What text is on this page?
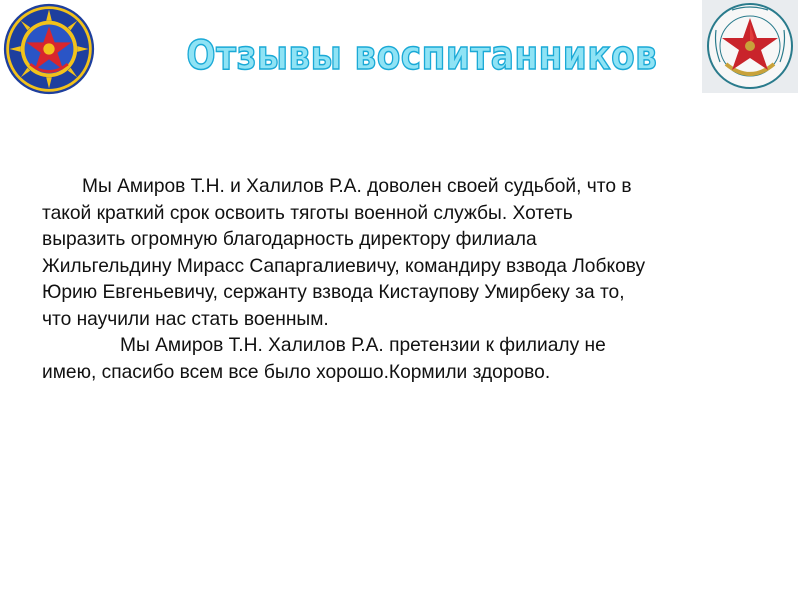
Отзывы воспитанников

Мы Амиров Т.Н. и Халилов Р.А. доволен своей судьбой, что в
такой краткий срок освоить тяготы военной службы. Хотеть
выразить огромную благодарность директору филиала
Жильгельдину Мирасс Сапаргалиевичу, командиру взвода Лобкову
Юрию Евгеньевичу, сержанту взвода Кистаупову Умирбеку за то,
что научили нас стать военным.

Мы Амиров Т.Н. Халилов Р.А. претензии к филиалу не
имею, спасибо всем все было хорошо.Кормили здорово.
